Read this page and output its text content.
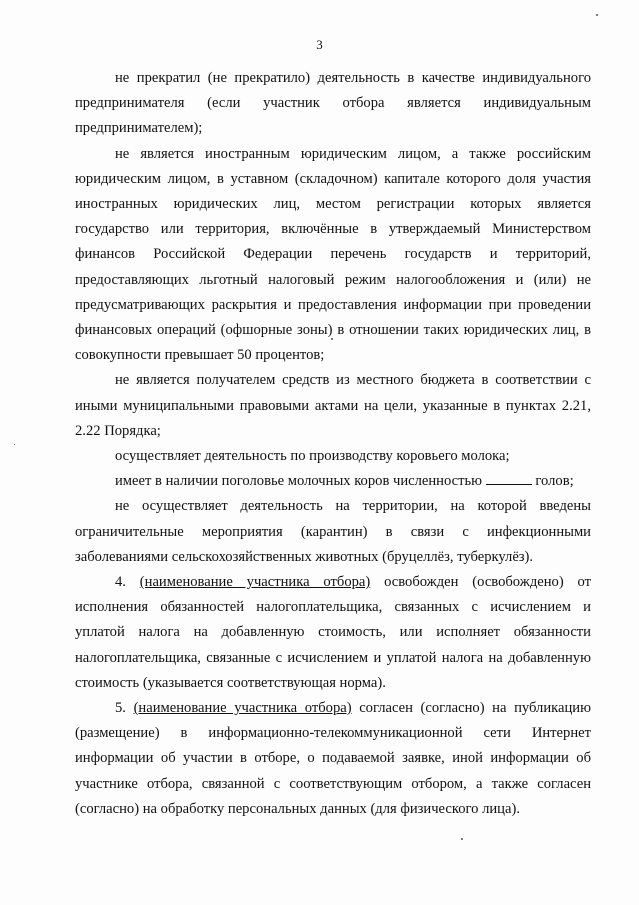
3

не прекратил (не прекратило) деятельность в качестве индивидуального предпринимателя (если участник отбора является индивидуальным предпринимателем);

не является иностранным юридическим лицом, а также российским юридическим лицом, в уставном (складочном) капитале которого доля участия иностранных юридических лиц, местом регистрации которых является государство или территория, включённые в утверждаемый Министерством финансов Российской Федерации перечень государств и территорий, предоставляющих льготный налоговый режим налогообложения и (или) не предусматривающих раскрытия и предоставления информации при проведении финансовых операций (офшорные зоны) в отношении таких юридических лиц, в совокупности превышает 50 процентов;

не является получателем средств из местного бюджета в соответствии с иными муниципальными правовыми актами на цели, указанные в пунктах 2.21, 2.22 Порядка;

осуществляет деятельность по производству коровьего молока;

имеет в наличии поголовье молочных коров численностью	голов;

не осуществляет деятельность на территории, на которой введены ограничительные мероприятия (карантин) в связи с инфекционными заболеваниями сельскохозяйственных животных (бруцеллёз, туберкулёз).

4. (наименование участника отбора) освобожден (освобождено) от исполнения обязанностей налогоплательщика, связанных с исчислением и уплатой налога на добавленную стоимость, или исполняет обязанности налогоплательщика, связанные с исчислением и уплатой налога на добавленную стоимость (указывается соответствующая норма).

5. (наименование участника отбора) согласен (согласно) на публикацию (размещение) в информационно-телекоммуникационной сети Интернет информации об участии в отборе, о подаваемой заявке, иной информации об участнике отбора, связанной с соответствующим отбором, а также согласен (согласно) на обработку персональных данных (для физического лица).
